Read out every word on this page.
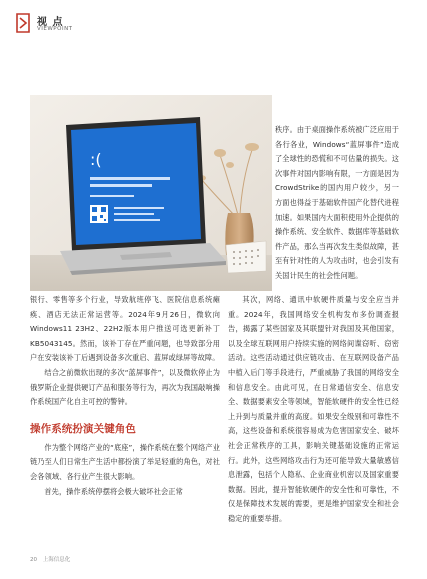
视 点
VIEWPOINT
:(

秩序。由于桌面操作系统被广泛应用于各行各业，Windows“蓝屏事件”造成了全球性的恐慌和不可估量的损失。这次事件对国内影响有限，一方面是因为CrowdStrike的国内用户较少，另一方面也得益于基础软件国产化替代进程加速。如果国内大面积使用外企提供的操作系统、安全软件、数据库等基础软件产品，那么当再次发生类似故障，甚至有针对性的人为攻击时，也会引发有关国计民生的社会性问题。

银行、零售等多个行业，导致航班停飞、医院信息系统瘫痪、酒店无法正常运营等。2024年9月26日，微软向Windows11 23H2、22H2版本用户推送可选更新补丁KB5043145。然而，该补丁存在严重问题，也导致部分用户在安装该补丁后遇到设备多次重启、蓝屏或绿屏等故障。

结合之前微软出现的多次“蓝屏事件”，以及微软停止为俄罗斯企业提供硬订产品和服务等行为，再次为我国敲响操作系统国产化自主可控的警钟。

操作系统扮演关键角色

作为整个网络产业的“底座”，操作系统在整个网络产业链乃至人们日常生产生活中都扮演了举足轻重的角色，对社会各领域、各行业产生很大影响。

首先，操作系统停摆将会极大破坏社会正常

其次，网络、通讯中软硬件质量与安全应当并重。2024年，我国网络安全机构发布多份调查报告，揭露了某些国家及其联盟针对我国及其他国家，以及全球互联网用户持续实施的网络间谍窃听、窃密活动。这些活动通过供应链攻击、在互联网设备产品中植入后门等手段进行，严重威胁了我国的网络安全和信息安全。由此可见，在日常通信安全、信息安全、数据要素安全等领域，智能软硬件的安全性已经上升到与质量并重的高度。如果安全级别和可靠性不高，这些设备和系统很容易成为危害国家安全、破坏社会正常秩序的工具，影响关键基础设施的正常运行。此外，这些网络攻击行为还可能导致大量敏感信息泄露，包括个人隐私、企业商业机密以及国家重要数据。因此，提升智能软硬件的安全性和可靠性，不仅是保障技术发展的需要，更是维护国家安全和社会稳定的重要举措。

20 上海信息化
